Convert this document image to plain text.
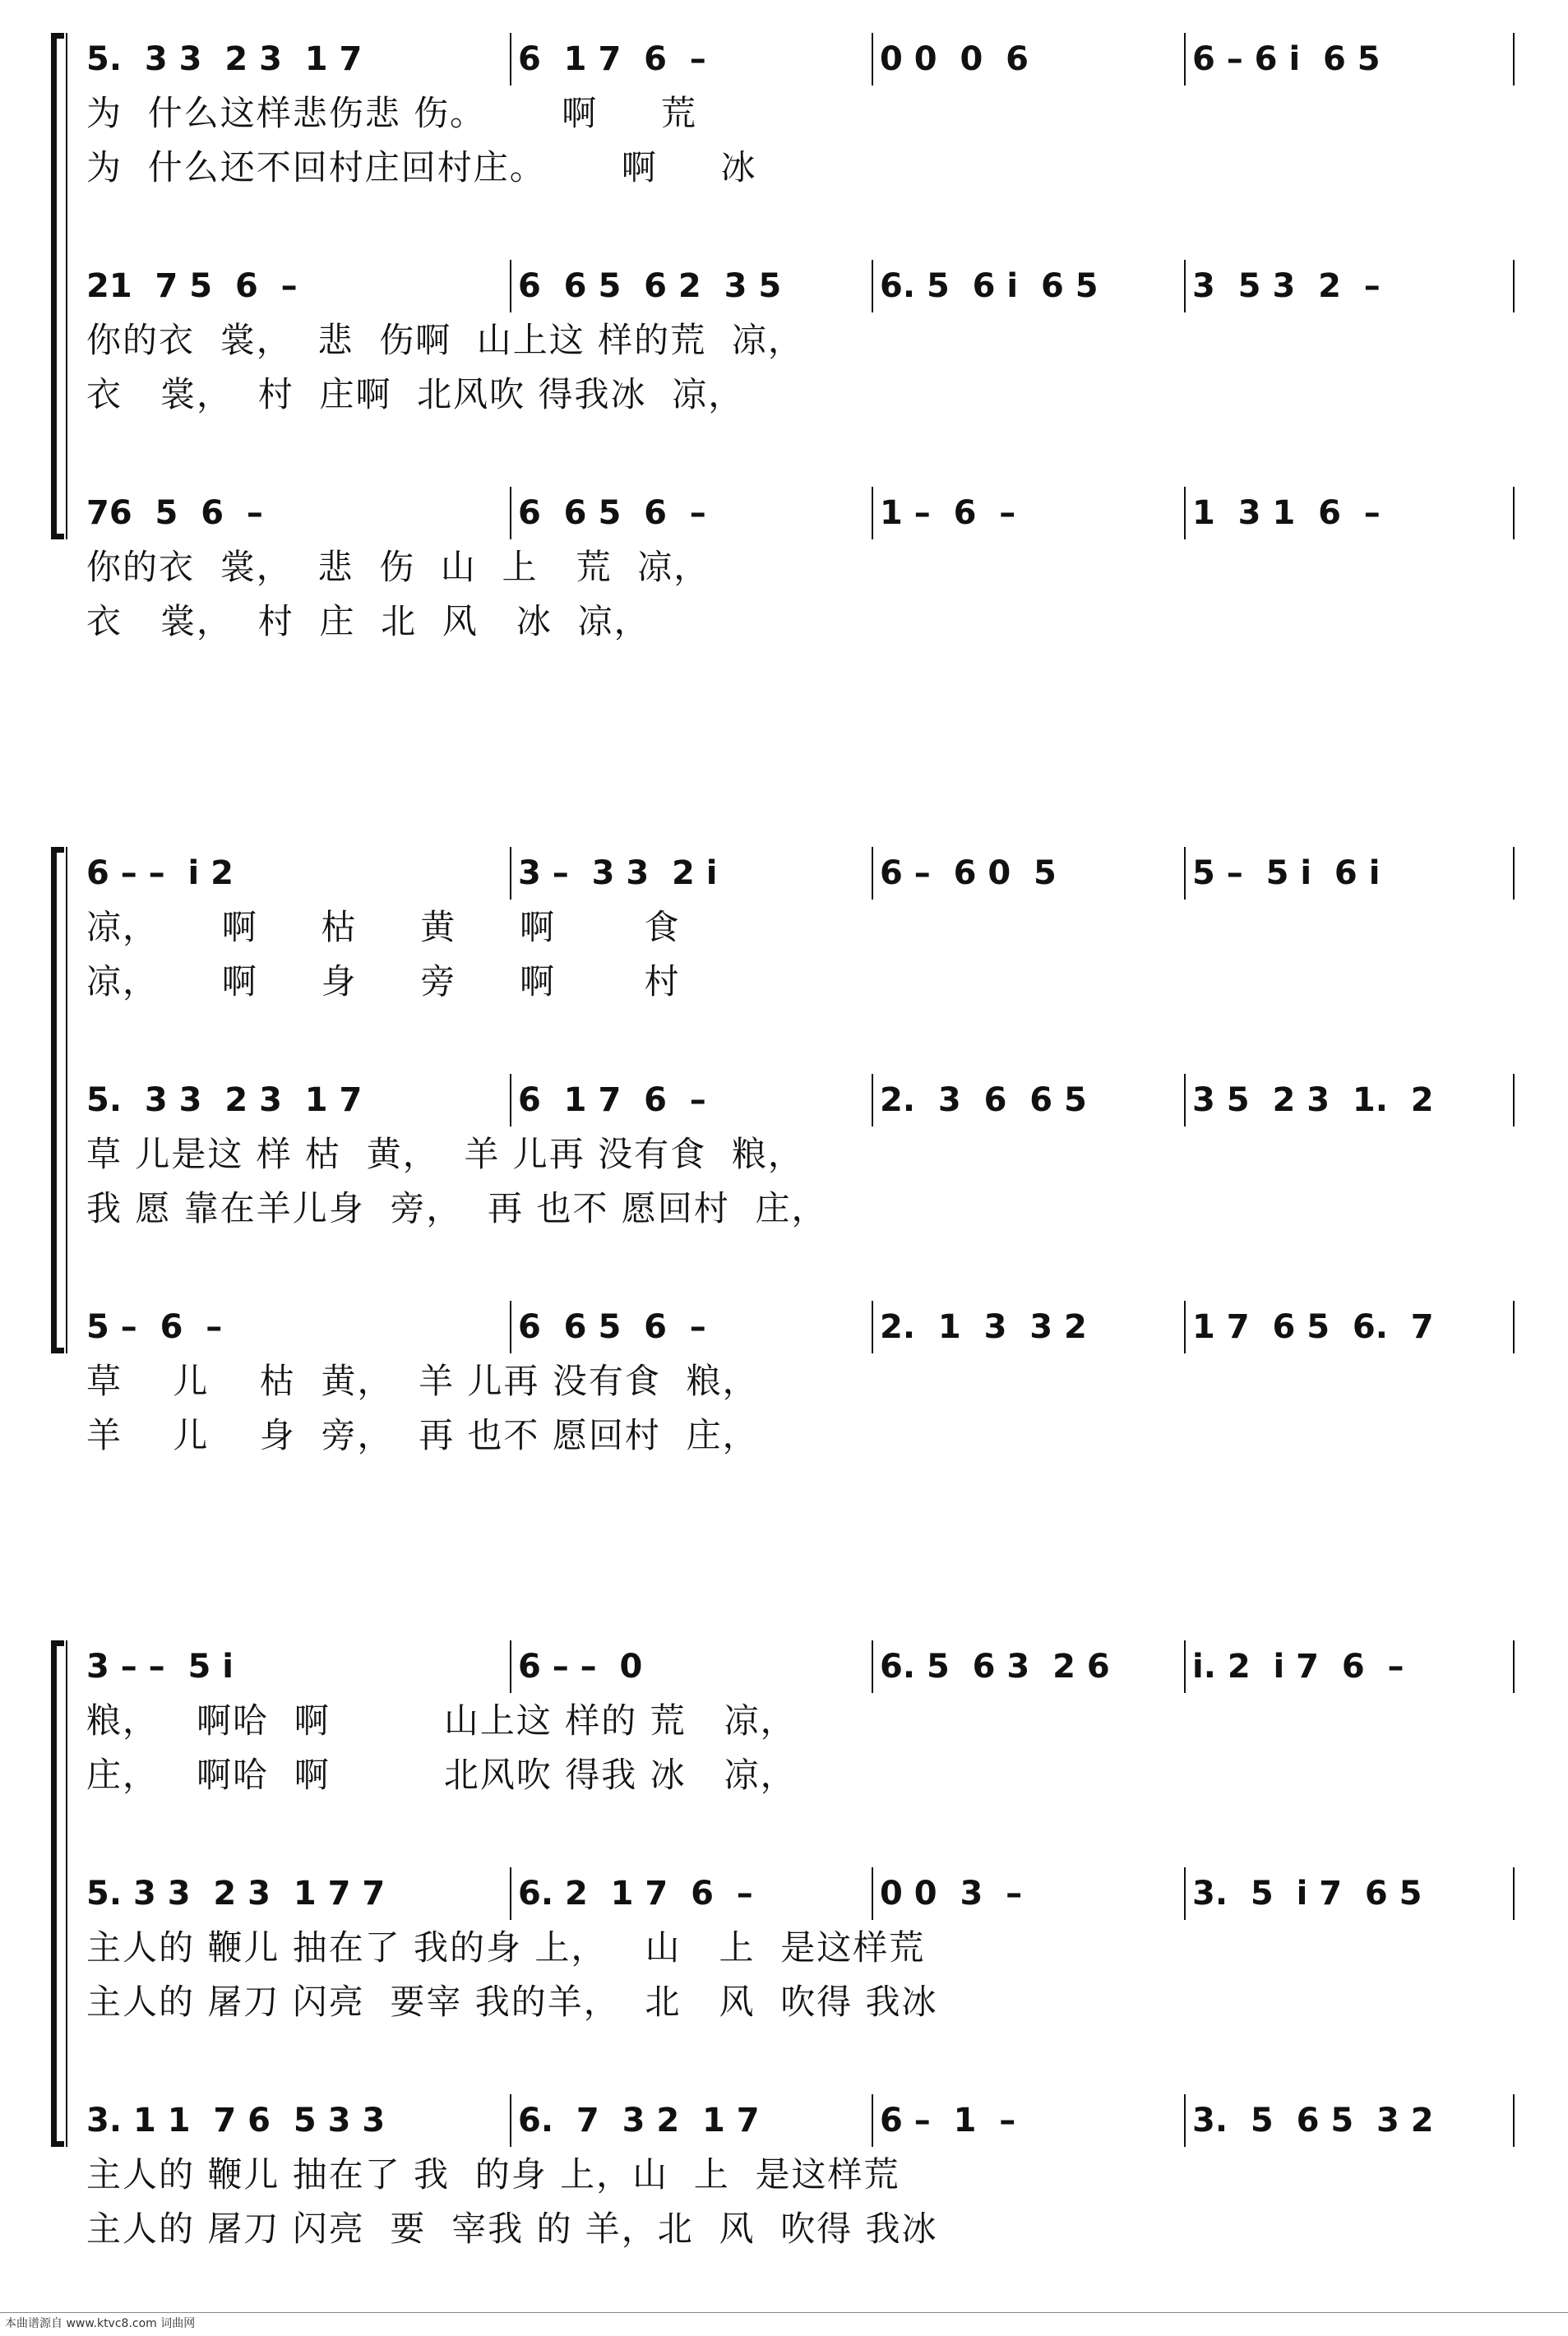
5.  3 3  2 3  1 7	6  1 7  6  –	0 0  0  6	6 – 6 i  6 5
为  什么这样悲伤悲 伤。      啊     荒
为  什么还不回村庄回村庄。      啊     冰
21  7 5  6  –	6  6 5  6 2  3 5	6. 5  6 i  6 5	3  5 3  2  –
你的衣  裳，  悲  伤啊  山上这 样的荒  凉，
衣   裳，  村  庄啊  北风吹 得我冰  凉，
76  5  6  –	6  6 5  6  –	1 –  6  –	1  3 1  6  –
你的衣  裳，  悲  伤  山  上   荒  凉，
衣   裳，  村  庄  北  风   冰  凉，
6 – –  i 2	3 –  3 3  2 i	6 –  6 0  5	5 –  5 i  6 i
凉，     啊     枯     黄     啊       食
凉，     啊     身     旁     啊       村
5.  3 3  2 3  1 7	6  1 7  6  –	2.  3  6  6 5	3 5  2 3  1.  2
草 儿是这 样 枯  黄，  羊 儿再 没有食  粮，
我 愿 靠在羊儿身  旁，  再 也不 愿回村  庄，
5 –  6  –	6  6 5  6  –	2.  1  3  3 2	1 7  6 5  6.  7
草    儿    枯  黄，  羊 儿再 没有食  粮，
羊    儿    身  旁，  再 也不 愿回村  庄，
3 – –  5 i	6 – –  0	6. 5  6 3  2 6	i. 2  i 7  6  –
粮，   啊哈  啊         山上这 样的 荒   凉，
庄，   啊哈  啊         北风吹 得我 冰   凉，
5. 3 3  2 3  1 7 7	6. 2  1 7  6  –	0 0  3  –	3.  5  i 7  6 5
主人的 鞭儿 抽在了 我的身 上，   山   上  是这样荒
主人的 屠刀 闪亮  要宰 我的羊，  北   风  吹得 我冰
3. 1 1  7 6  5 3 3	6.  7  3 2  1 7	6 –  1  –	3.  5  6 5  3 2
主人的 鞭儿 抽在了 我  的身 上，山  上  是这样荒
主人的 屠刀 闪亮  要  宰我 的 羊，北  风  吹得 我冰
本曲谱源自 www.ktvc8.com 词曲网
